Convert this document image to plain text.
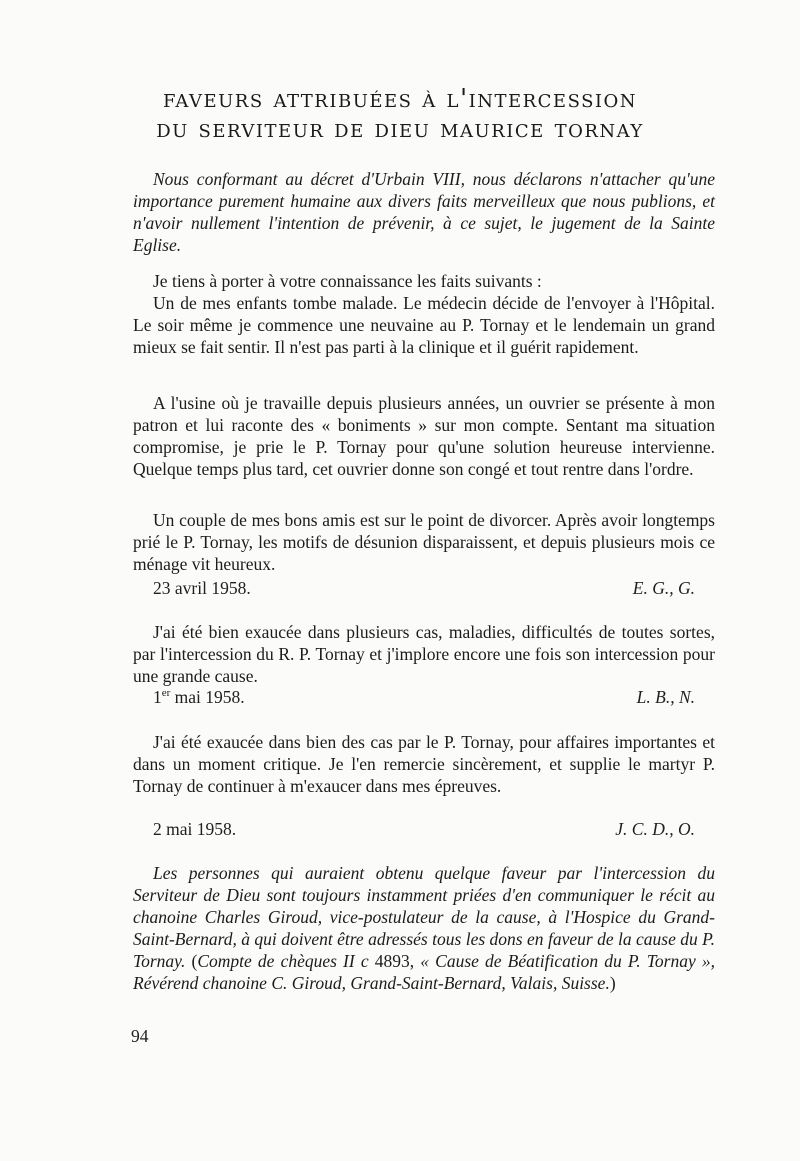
faveurs attribuées à l'intercession
du serviteur de dieu maurice tornay

Nous conformant au décret d'Urbain VIII, nous déclarons n'attacher qu'une importance purement humaine aux divers faits merveilleux que nous publions, et n'avoir nullement l'intention de prévenir, à ce sujet, le jugement de la Sainte Eglise.

Je tiens à porter à votre connaissance les faits suivants :

Un de mes enfants tombe malade. Le médecin décide de l'envoyer à l'Hôpital. Le soir même je commence une neuvaine au P. Tornay et le lendemain un grand mieux se fait sentir. Il n'est pas parti à la clinique et il guérit rapidement.

A l'usine où je travaille depuis plusieurs années, un ouvrier se présente à mon patron et lui raconte des « boniments » sur mon compte. Sentant ma situation compromise, je prie le P. Tornay pour qu'une solution heureuse intervienne. Quelque temps plus tard, cet ouvrier donne son congé et tout rentre dans l'ordre.

Un couple de mes bons amis est sur le point de divorcer. Après avoir longtemps prié le P. Tornay, les motifs de désunion disparaissent, et depuis plusieurs mois ce ménage vit heureux.

23 avril 1958.	E. G., G.

J'ai été bien exaucée dans plusieurs cas, maladies, difficultés de toutes sortes, par l'intercession du R. P. Tornay et j'implore encore une fois son intercession pour une grande cause.

1er mai 1958.	L. B., N.

J'ai été exaucée dans bien des cas par le P. Tornay, pour affaires importantes et dans un moment critique. Je l'en remercie sincèrement, et supplie le martyr P. Tornay de continuer à m'exaucer dans mes épreuves.

2 mai 1958.	J. C. D., O.

Les personnes qui auraient obtenu quelque faveur par l'intercession du Serviteur de Dieu sont toujours instamment priées d'en communiquer le récit au chanoine Charles Giroud, vice-postulateur de la cause, à l'Hospice du Grand-Saint-Bernard, à qui doivent être adressés tous les dons en faveur de la cause du P. Tornay. (Compte de chèques II c 4893, « Cause de Béatification du P. Tornay », Révérend chanoine C. Giroud, Grand-Saint-Bernard, Valais, Suisse.)

94
